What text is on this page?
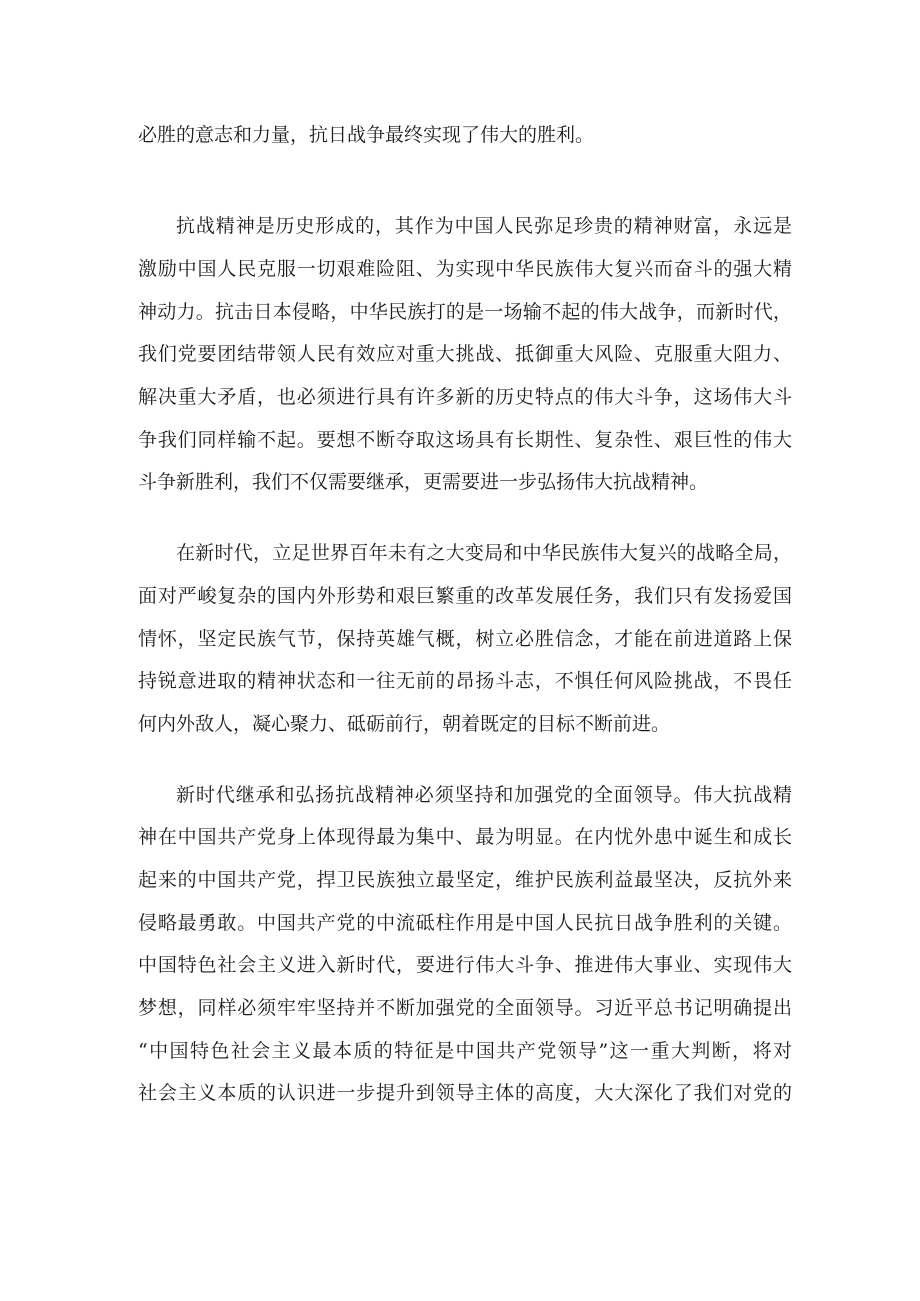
必胜的意志和力量，抗日战争最终实现了伟大的胜利。

抗战精神是历史形成的，其作为中国人民弥足珍贵的精神财富，永远是

激励中国人民克服一切艰难险阻、为实现中华民族伟大复兴而奋斗的强大精

神动力。抗击日本侵略，中华民族打的是一场输不起的伟大战争，而新时代，

我们党要团结带领人民有效应对重大挑战、抵御重大风险、克服重大阻力、

解决重大矛盾，也必须进行具有许多新的历史特点的伟大斗争，这场伟大斗

争我们同样输不起。要想不断夺取这场具有长期性、复杂性、艰巨性的伟大

斗争新胜利，我们不仅需要继承，更需要进一步弘扬伟大抗战精神。

在新时代，立足世界百年未有之大变局和中华民族伟大复兴的战略全局，

面对严峻复杂的国内外形势和艰巨繁重的改革发展任务，我们只有发扬爱国

情怀，坚定民族气节，保持英雄气概，树立必胜信念，才能在前进道路上保

持锐意进取的精神状态和一往无前的昂扬斗志，不惧任何风险挑战，不畏任

何内外敌人，凝心聚力、砥砺前行，朝着既定的目标不断前进。

新时代继承和弘扬抗战精神必须坚持和加强党的全面领导。伟大抗战精

神在中国共产党身上体现得最为集中、最为明显。在内忧外患中诞生和成长

起来的中国共产党，捍卫民族独立最坚定，维护民族利益最坚决，反抗外来

侵略最勇敢。中国共产党的中流砥柱作用是中国人民抗日战争胜利的关键。

中国特色社会主义进入新时代，要进行伟大斗争、推进伟大事业、实现伟大

梦想，同样必须牢牢坚持并不断加强党的全面领导。习近平总书记明确提出

“中国特色社会主义最本质的特征是中国共产党领导”这一重大判断，将对

社会主义本质的认识进一步提升到领导主体的高度，大大深化了我们对党的
